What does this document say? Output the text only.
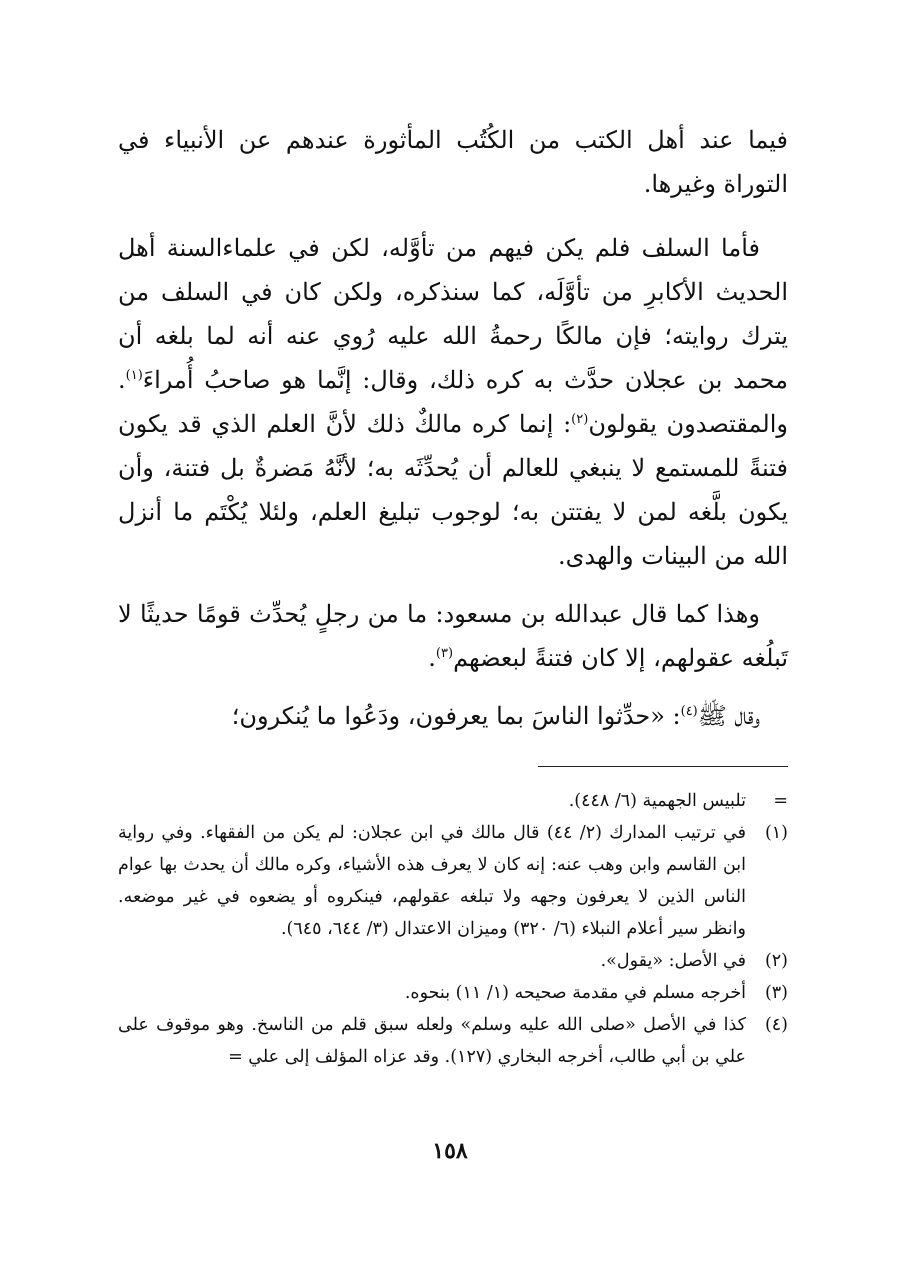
فيما عند أهل الكتب من الكُتُب المأثورة عندهم عن الأنبياء في التوراة وغيرها.

فأما السلف فلم يكن فيهم من تأوَّله، لكن في علماءالسنة أهل الحديث الأكابرِ من تأوَّلَه، كما سنذكره، ولكن كان في السلف من يترك روايته؛ فإن مالكًا رحمةُ الله عليه رُوي عنه أنه لما بلغه أن محمد بن عجلان حدَّث به كره ذلك، وقال: إنَّما هو صاحبُ أُمراءَ$^{(١)}$. والمقتصدون يقولون$^{(٢)}$: إنما كره مالكٌ ذلك لأنَّ العلم الذي قد يكون فتنةً للمستمع لا ينبغي للعالم أن يُحدِّثَه به؛ لأنَّهُ مَضرةٌ بل فتنة، وأن يكون بلَّغه لمن لا يفتتن به؛ لوجوب تبليغ العلم، ولئلا يُكْتَم ما أنزل الله من البينات والهدى.

وهذا كما قال عبدالله بن مسعود: ما من رجلٍ يُحدِّث قومًا حديثًا لا تَبلُغه عقولهم، إلا كان فتنةً لبعضهم$^{(٣)}$.

وقال ﷺ$^{(٤)}$: «حدِّثوا الناسَ بما يعرفون، ودَعُوا ما يُنكرون؛

=
تلبيس الجهمية (٦/ ٤٤٨).
(١)
في ترتيب المدارك (٢/ ٤٤) قال مالك في ابن عجلان: لم يكن من الفقهاء. وفي رواية ابن القاسم وابن وهب عنه: إنه كان لا يعرف هذه الأشياء، وكره مالك أن يحدث بها عوام الناس الذين لا يعرفون وجهه ولا تبلغه عقولهم، فينكروه أو يضعوه في غير موضعه. وانظر سير أعلام النبلاء (٦/ ٣٢٠) وميزان الاعتدال (٣/ ٦٤٤، ٦٤٥).
(٢)
في الأصل: «يقول».
(٣)
أخرجه مسلم في مقدمة صحيحه (١/ ١١) بنحوه.
(٤)
كذا في الأصل «صلى الله عليه وسلم» ولعله سبق قلم من الناسخ. وهو موقوف على علي بن أبي طالب، أخرجه البخاري (١٢٧). وقد عزاه المؤلف إلى علي =
١٥٨
